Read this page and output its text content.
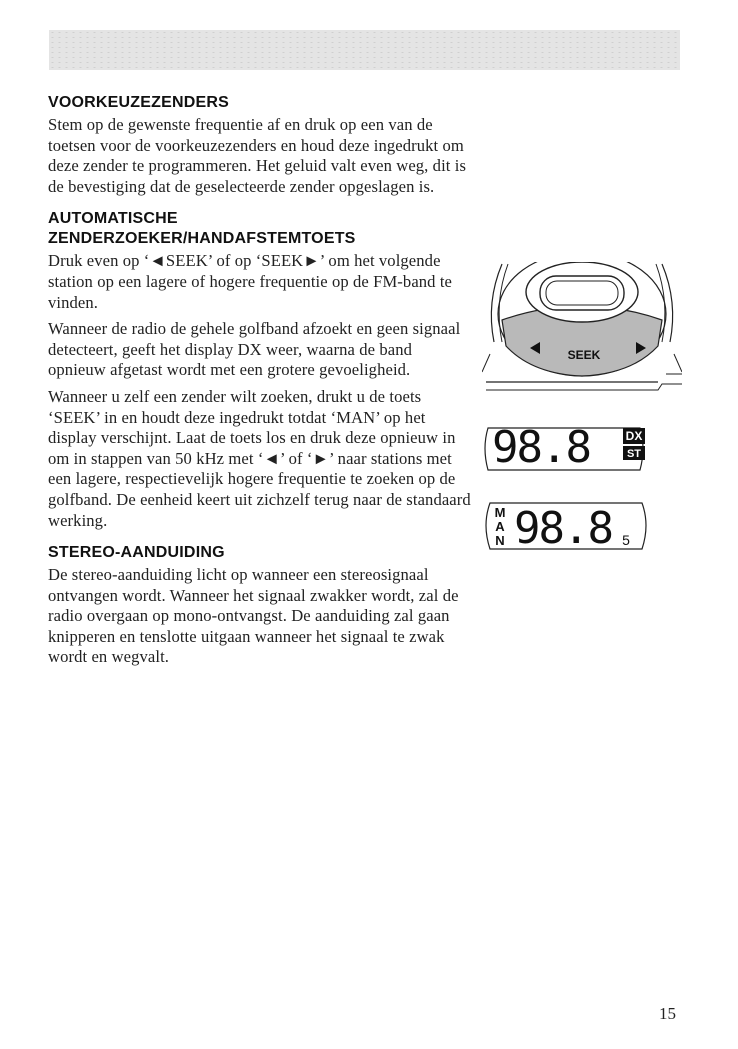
VOORKEUZEZENDERS

Stem op de gewenste frequentie af en druk op een van de toetsen voor de voorkeuzezenders en houd deze ingedrukt om deze zender te programmeren. Het geluid valt even weg, dit is de bevestiging dat de geselecteerde zender opgeslagen is.

AUTOMATISCHE
ZENDERZOEKER/HANDAFSTEMTOETS

Druk even op ‘◄SEEK’ of op ‘SEEK►’ om het volgende station op een lagere of hogere frequentie op de FM-band te vinden.

Wanneer de radio de gehele golfband afzoekt en geen signaal detecteert, geeft het display DX weer, waarna de band opnieuw afgetast wordt met een grotere gevoeligheid.

Wanneer u zelf een zender wilt zoeken, drukt u de toets ‘SEEK’ in en houdt deze ingedrukt totdat ‘MAN’ op het display verschijnt. Laat de toets los en druk deze opnieuw in om in stappen van 50 kHz met ‘◄’ of ‘►’ naar stations met een lagere, respectievelijk hogere frequentie te zoeken op de golfband. De eenheid keert uit zichzelf terug naar de standaard werking.

STEREO-AANDUIDING

De stereo-aanduiding licht op wanneer een stereosignaal ontvangen wordt. Wanneer het signaal zwakker wordt, zal de radio overgaan op mono-ontvangst. De aanduiding zal gaan knipperen en tenslotte uitgaan wanneer het signaal te zwak wordt en wegvalt.

SEEK
98.8	DX
ST
M
A
N 98.8 5
15
